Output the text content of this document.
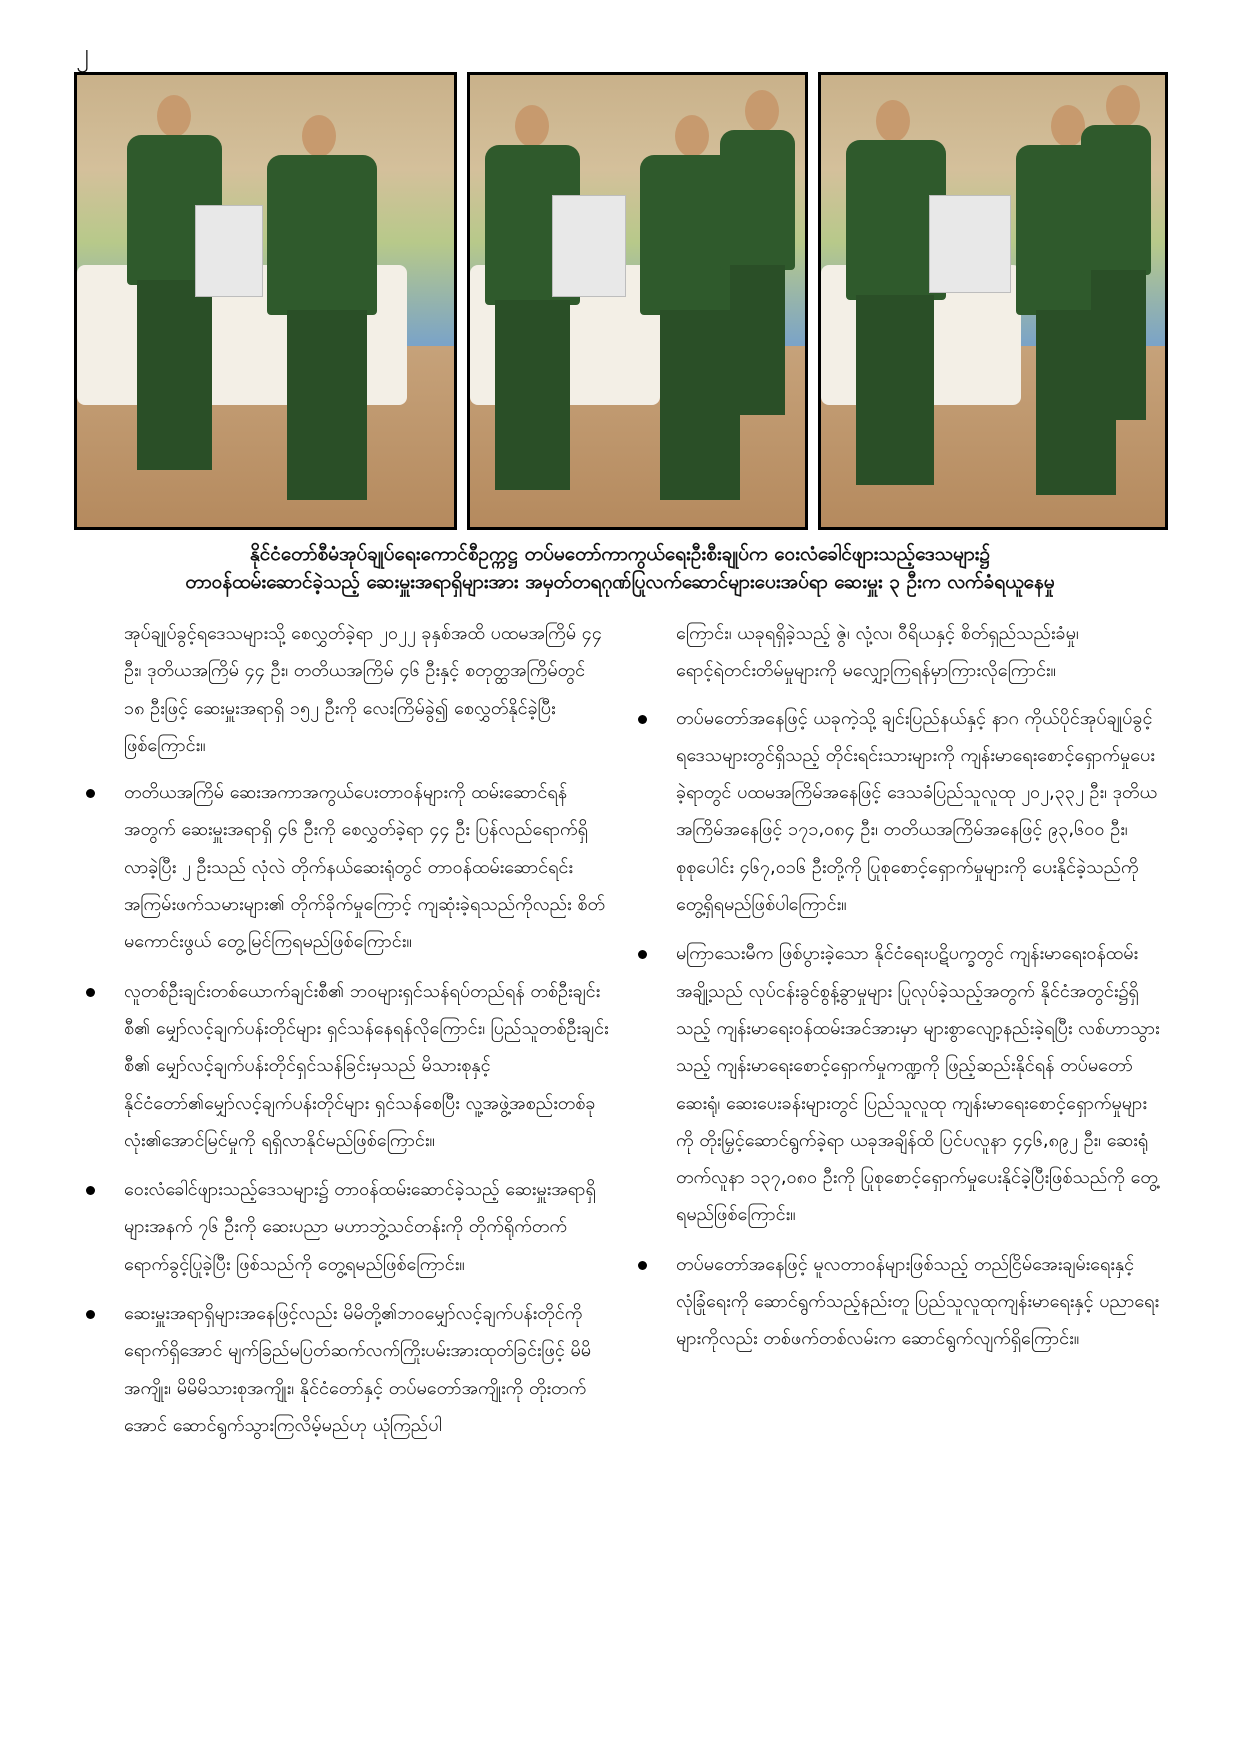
၂
နိုင်ငံတော်စီမံအုပ်ချုပ်ရေးကောင်စီဥက္ကဋ္ဌ တပ်မတော်ကာကွယ်ရေးဦးစီးချုပ်က ဝေးလံခေါင်ဖျားသည့်ဒေသများ၌
တာဝန်ထမ်းဆောင်ခဲ့သည့် ဆေးမှူးအရာရှိများအား အမှတ်တရဂုဏ်ပြုလက်ဆောင်များပေးအပ်ရာ ဆေးမှူး ၃ ဦးက လက်ခံရယူနေမှု

အုပ်ချုပ်ခွင့်ရဒေသများသို့ စေလွှတ်ခဲ့ရာ ၂၀၂၂ ခုနှစ်အထိ ပထမအကြိမ် ၄၄ ဦး၊ ဒုတိယအကြိမ် ၄၄ ဦး၊ တတိယအကြိမ် ၄၆ ဦးနှင့် စတုတ္ထအကြိမ်တွင် ၁၈ ဦးဖြင့် ဆေးမှူးအရာရှိ ၁၅၂ ဦးကို လေးကြိမ်ခွဲ၍ စေလွှတ်နိုင်ခဲ့ပြီးဖြစ်ကြောင်း။

တတိယအကြိမ် ဆေးအကာအကွယ်ပေးတာဝန်များကို ထမ်းဆောင်ရန်အတွက် ဆေးမှူးအရာရှိ ၄၆ ဦးကို စေလွှတ်ခဲ့ရာ ၄၄ ဦး ပြန်လည်ရောက်ရှိလာခဲ့ပြီး ၂ ဦးသည် လုံလဲ တိုက်နယ်ဆေးရုံတွင် တာဝန်ထမ်းဆောင်ရင်း အကြမ်းဖက်သမားများ၏ တိုက်ခိုက်မှုကြောင့် ကျဆုံးခဲ့ရသည်ကိုလည်း စိတ်မကောင်းဖွယ် တွေ့မြင်ကြရမည်ဖြစ်ကြောင်း။

လူတစ်ဦးချင်းတစ်ယောက်ချင်းစီ၏ ဘဝများရှင်သန်ရပ်တည်ရန် တစ်ဦးချင်းစီ၏ မျှော်လင့်ချက်ပန်းတိုင်များ ရှင်သန်နေရန်လိုကြောင်း၊ ပြည်သူတစ်ဦးချင်းစီ၏ မျှော်လင့်ချက်ပန်းတိုင်ရှင်သန်ခြင်းမှသည် မိသားစုနှင့် နိုင်ငံတော်၏မျှော်လင့်ချက်ပန်းတိုင်များ ရှင်သန်စေပြီး လူ့အဖွဲ့အစည်းတစ်ခုလုံး၏အောင်မြင်မှုကို ရရှိလာနိုင်မည်ဖြစ်ကြောင်း။

ဝေးလံခေါင်ဖျားသည့်ဒေသများ၌ တာဝန်ထမ်းဆောင်ခဲ့သည့် ဆေးမှူးအရာရှိများအနက် ၇၆ ဦးကို ဆေးပညာ မဟာဘွဲ့သင်တန်းကို တိုက်ရိုက်တက်ရောက်ခွင့်ပြုခဲ့ပြီး ဖြစ်သည်ကို တွေ့ရမည်ဖြစ်ကြောင်း။

ဆေးမှူးအရာရှိများအနေဖြင့်လည်း မိမိတို့၏ဘဝမျှော်လင့်ချက်ပန်းတိုင်ကို ရောက်ရှိအောင် မျက်ခြည်မပြတ်ဆက်လက်ကြိုးပမ်းအားထုတ်ခြင်းဖြင့် မိမိအကျိုး၊ မိမိမိသားစုအကျိုး၊ နိုင်ငံတော်နှင့် တပ်မတော်အကျိုးကို တိုးတက်အောင် ဆောင်ရွက်သွားကြလိမ့်မည်ဟု ယုံကြည်ပါ

ကြောင်း၊ ယခုရရှိခဲ့သည့် ဇွဲ၊ လုံ့လ၊ ဝီရိယနှင့် စိတ်ရှည်သည်းခံမှု၊ ရောင့်ရဲတင်းတိမ်မှုများကို မလျှော့ကြရန်မှာကြားလိုကြောင်း။

တပ်မတော်အနေဖြင့် ယခုကဲ့သို့ ချင်းပြည်နယ်နှင့် နာဂ ကိုယ်ပိုင်အုပ်ချုပ်ခွင့်ရဒေသများတွင်ရှိသည့် တိုင်းရင်းသားများကို ကျန်းမာရေးစောင့်ရှောက်မှုပေးခဲ့ရာတွင် ပထမအကြိမ်အနေဖြင့် ဒေသခံပြည်သူလူထု ၂၀၂,၃၃၂ ဦး၊ ဒုတိယအကြိမ်အနေဖြင့် ၁၇၁,၀၈၄ ဦး၊ တတိယအကြိမ်အနေဖြင့် ၉၃,၆၀၀ ဦး၊ စုစုပေါင်း ၄၆၇,၀၁၆ ဦးတို့ကို ပြုစုစောင့်ရှောက်မှုများကို ပေးနိုင်ခဲ့သည်ကို တွေ့ရှိရမည်ဖြစ်ပါကြောင်း။

မကြာသေးမီက ဖြစ်ပွားခဲ့သော နိုင်ငံရေးပဋိပက္ခတွင် ကျန်းမာရေးဝန်ထမ်းအချို့သည် လုပ်ငန်းခွင်စွန့်ခွာမှုများ ပြုလုပ်ခဲ့သည့်အတွက် နိုင်ငံအတွင်း၌ရှိသည့် ကျန်းမာရေးဝန်ထမ်းအင်အားမှာ များစွာလျော့နည်းခဲ့ရပြီး လစ်ဟာသွားသည့် ကျန်းမာရေးစောင့်ရှောက်မှုကဏ္ဍကို ဖြည့်ဆည်းနိုင်ရန် တပ်မတော်ဆေးရုံ၊ ဆေးပေးခန်းများတွင် ပြည်သူလူထု ကျန်းမာရေးစောင့်ရှောက်မှုများကို တိုးမြှင့်ဆောင်ရွက်ခဲ့ရာ ယခုအချိန်ထိ ပြင်ပလူနာ ၄၄၆,၈၉၂ ဦး၊ ဆေးရုံတက်လူနာ ၁၃၇,၀၈၀ ဦးကို ပြုစုစောင့်ရှောက်မှုပေးနိုင်ခဲ့ပြီးဖြစ်သည်ကို တွေ့ရမည်ဖြစ်ကြောင်း။

တပ်မတော်အနေဖြင့် မူလတာဝန်များဖြစ်သည့် တည်ငြိမ်အေးချမ်းရေးနှင့် လုံခြုံရေးကို ဆောင်ရွက်သည့်နည်းတူ ပြည်သူလူထုကျန်းမာရေးနှင့် ပညာရေးများကိုလည်း တစ်ဖက်တစ်လမ်းက ဆောင်ရွက်လျက်ရှိကြောင်း။
